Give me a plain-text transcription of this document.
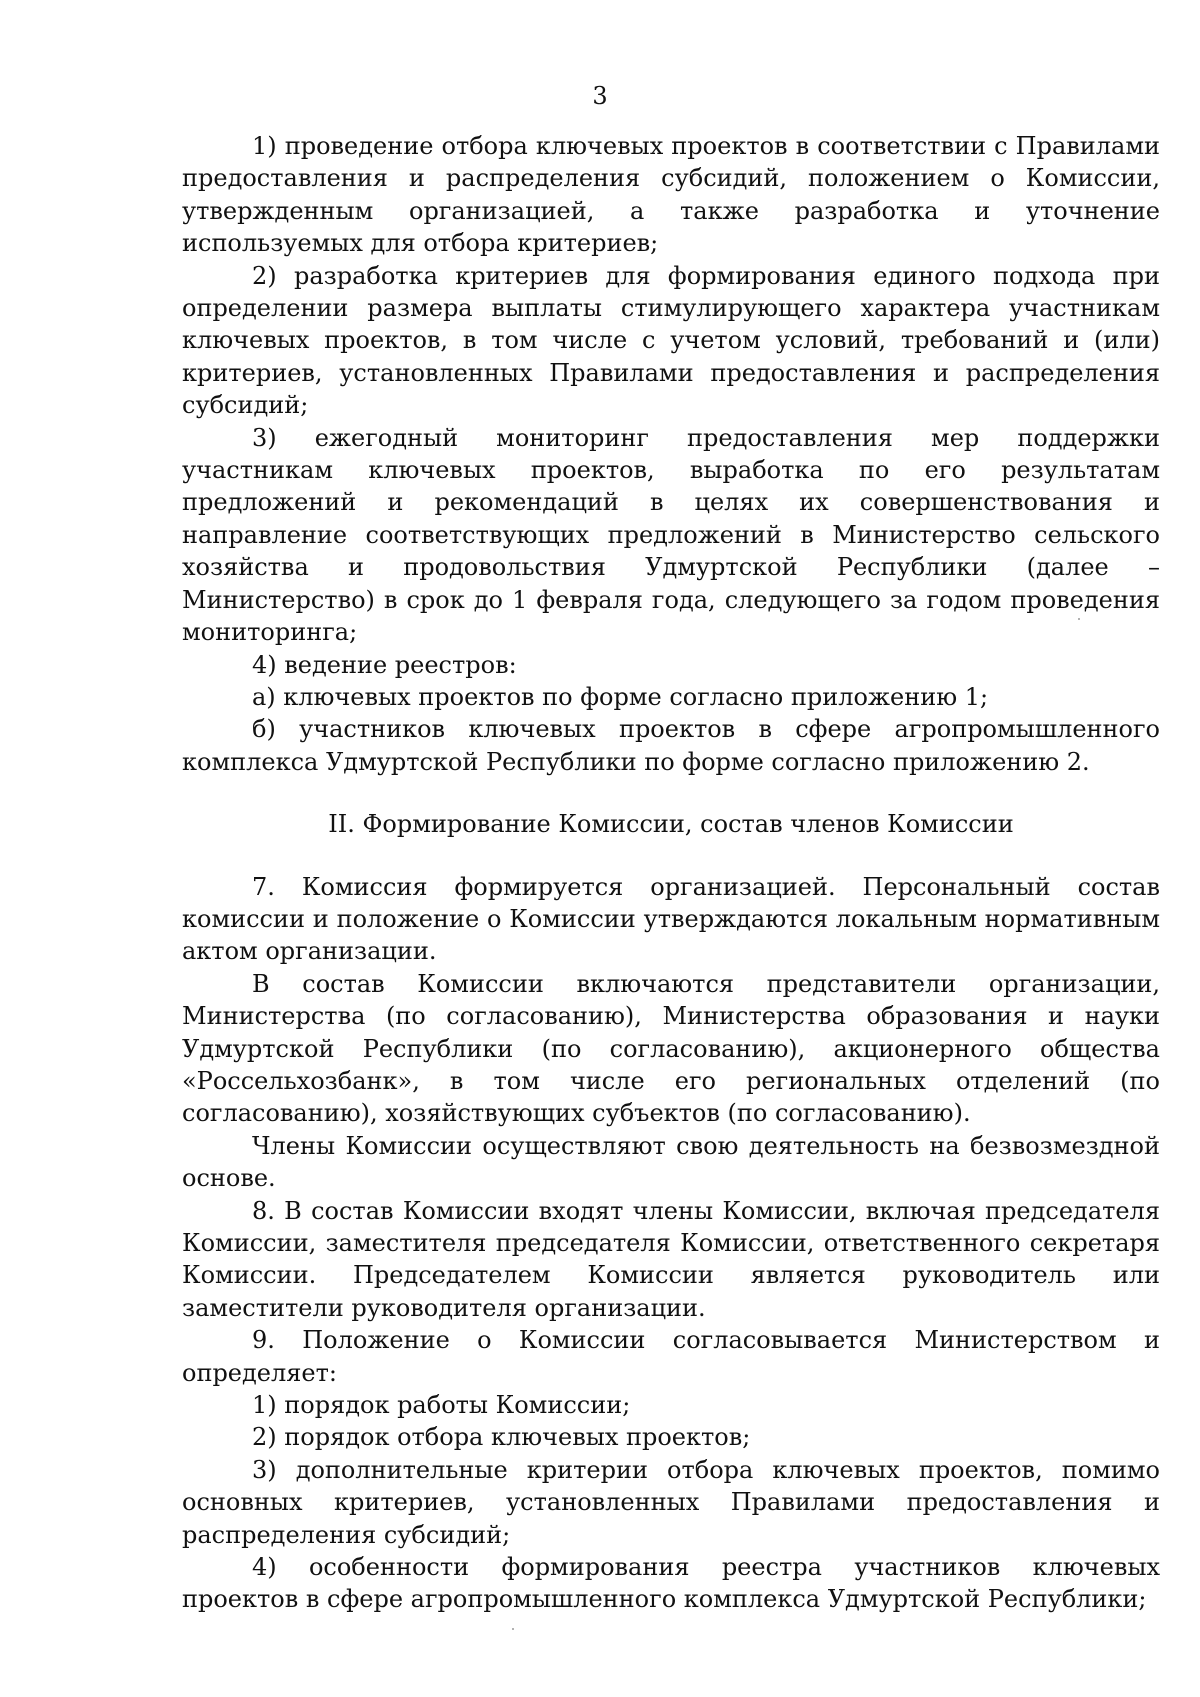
3

1) проведение отбора ключевых проектов в соответствии с Правилами предоставления и распределения субсидий, положением о Комиссии, утвержденным организацией, а также разработка и уточнение используемых для отбора критериев;

2) разработка критериев для формирования единого подхода при определении размера выплаты стимулирующего характера участникам ключевых проектов, в том числе с учетом условий, требований и (или) критериев, установленных Правилами предоставления и распределения субсидий;

3) ежегодный мониторинг предоставления мер поддержки участникам ключевых проектов, выработка по его результатам предложений и рекомендаций в целях их совершенствования и направление соответствующих предложений в Министерство сельского хозяйства и продовольствия Удмуртской Республики (далее – Министерство) в срок до 1 февраля года, следующего за годом проведения мониторинга;

4) ведение реестров:

а) ключевых проектов по форме согласно приложению 1;

б) участников ключевых проектов в сфере агропромышленного комплекса Удмуртской Республики по форме согласно приложению 2.

II. Формирование Комиссии, состав членов Комиссии

7. Комиссия формируется организацией. Персональный состав комиссии и положение о Комиссии утверждаются локальным нормативным актом организации.

В состав Комиссии включаются представители организации, Министерства (по согласованию), Министерства образования и науки Удмуртской Республики (по согласованию), акционерного общества «Россельхозбанк», в том числе его региональных отделений (по согласованию), хозяйствующих субъектов (по согласованию).

Члены Комиссии осуществляют свою деятельность на безвозмездной основе.

8. В состав Комиссии входят члены Комиссии, включая председателя Комиссии, заместителя председателя Комиссии, ответственного секретаря Комиссии. Председателем Комиссии является руководитель или заместители руководителя организации.

9. Положение о Комиссии согласовывается Министерством и определяет:

1) порядок работы Комиссии;

2) порядок отбора ключевых проектов;

3) дополнительные критерии отбора ключевых проектов, помимо основных критериев, установленных Правилами предоставления и распределения субсидий;

4) особенности формирования реестра участников ключевых проектов в сфере агропромышленного комплекса Удмуртской Республики;
